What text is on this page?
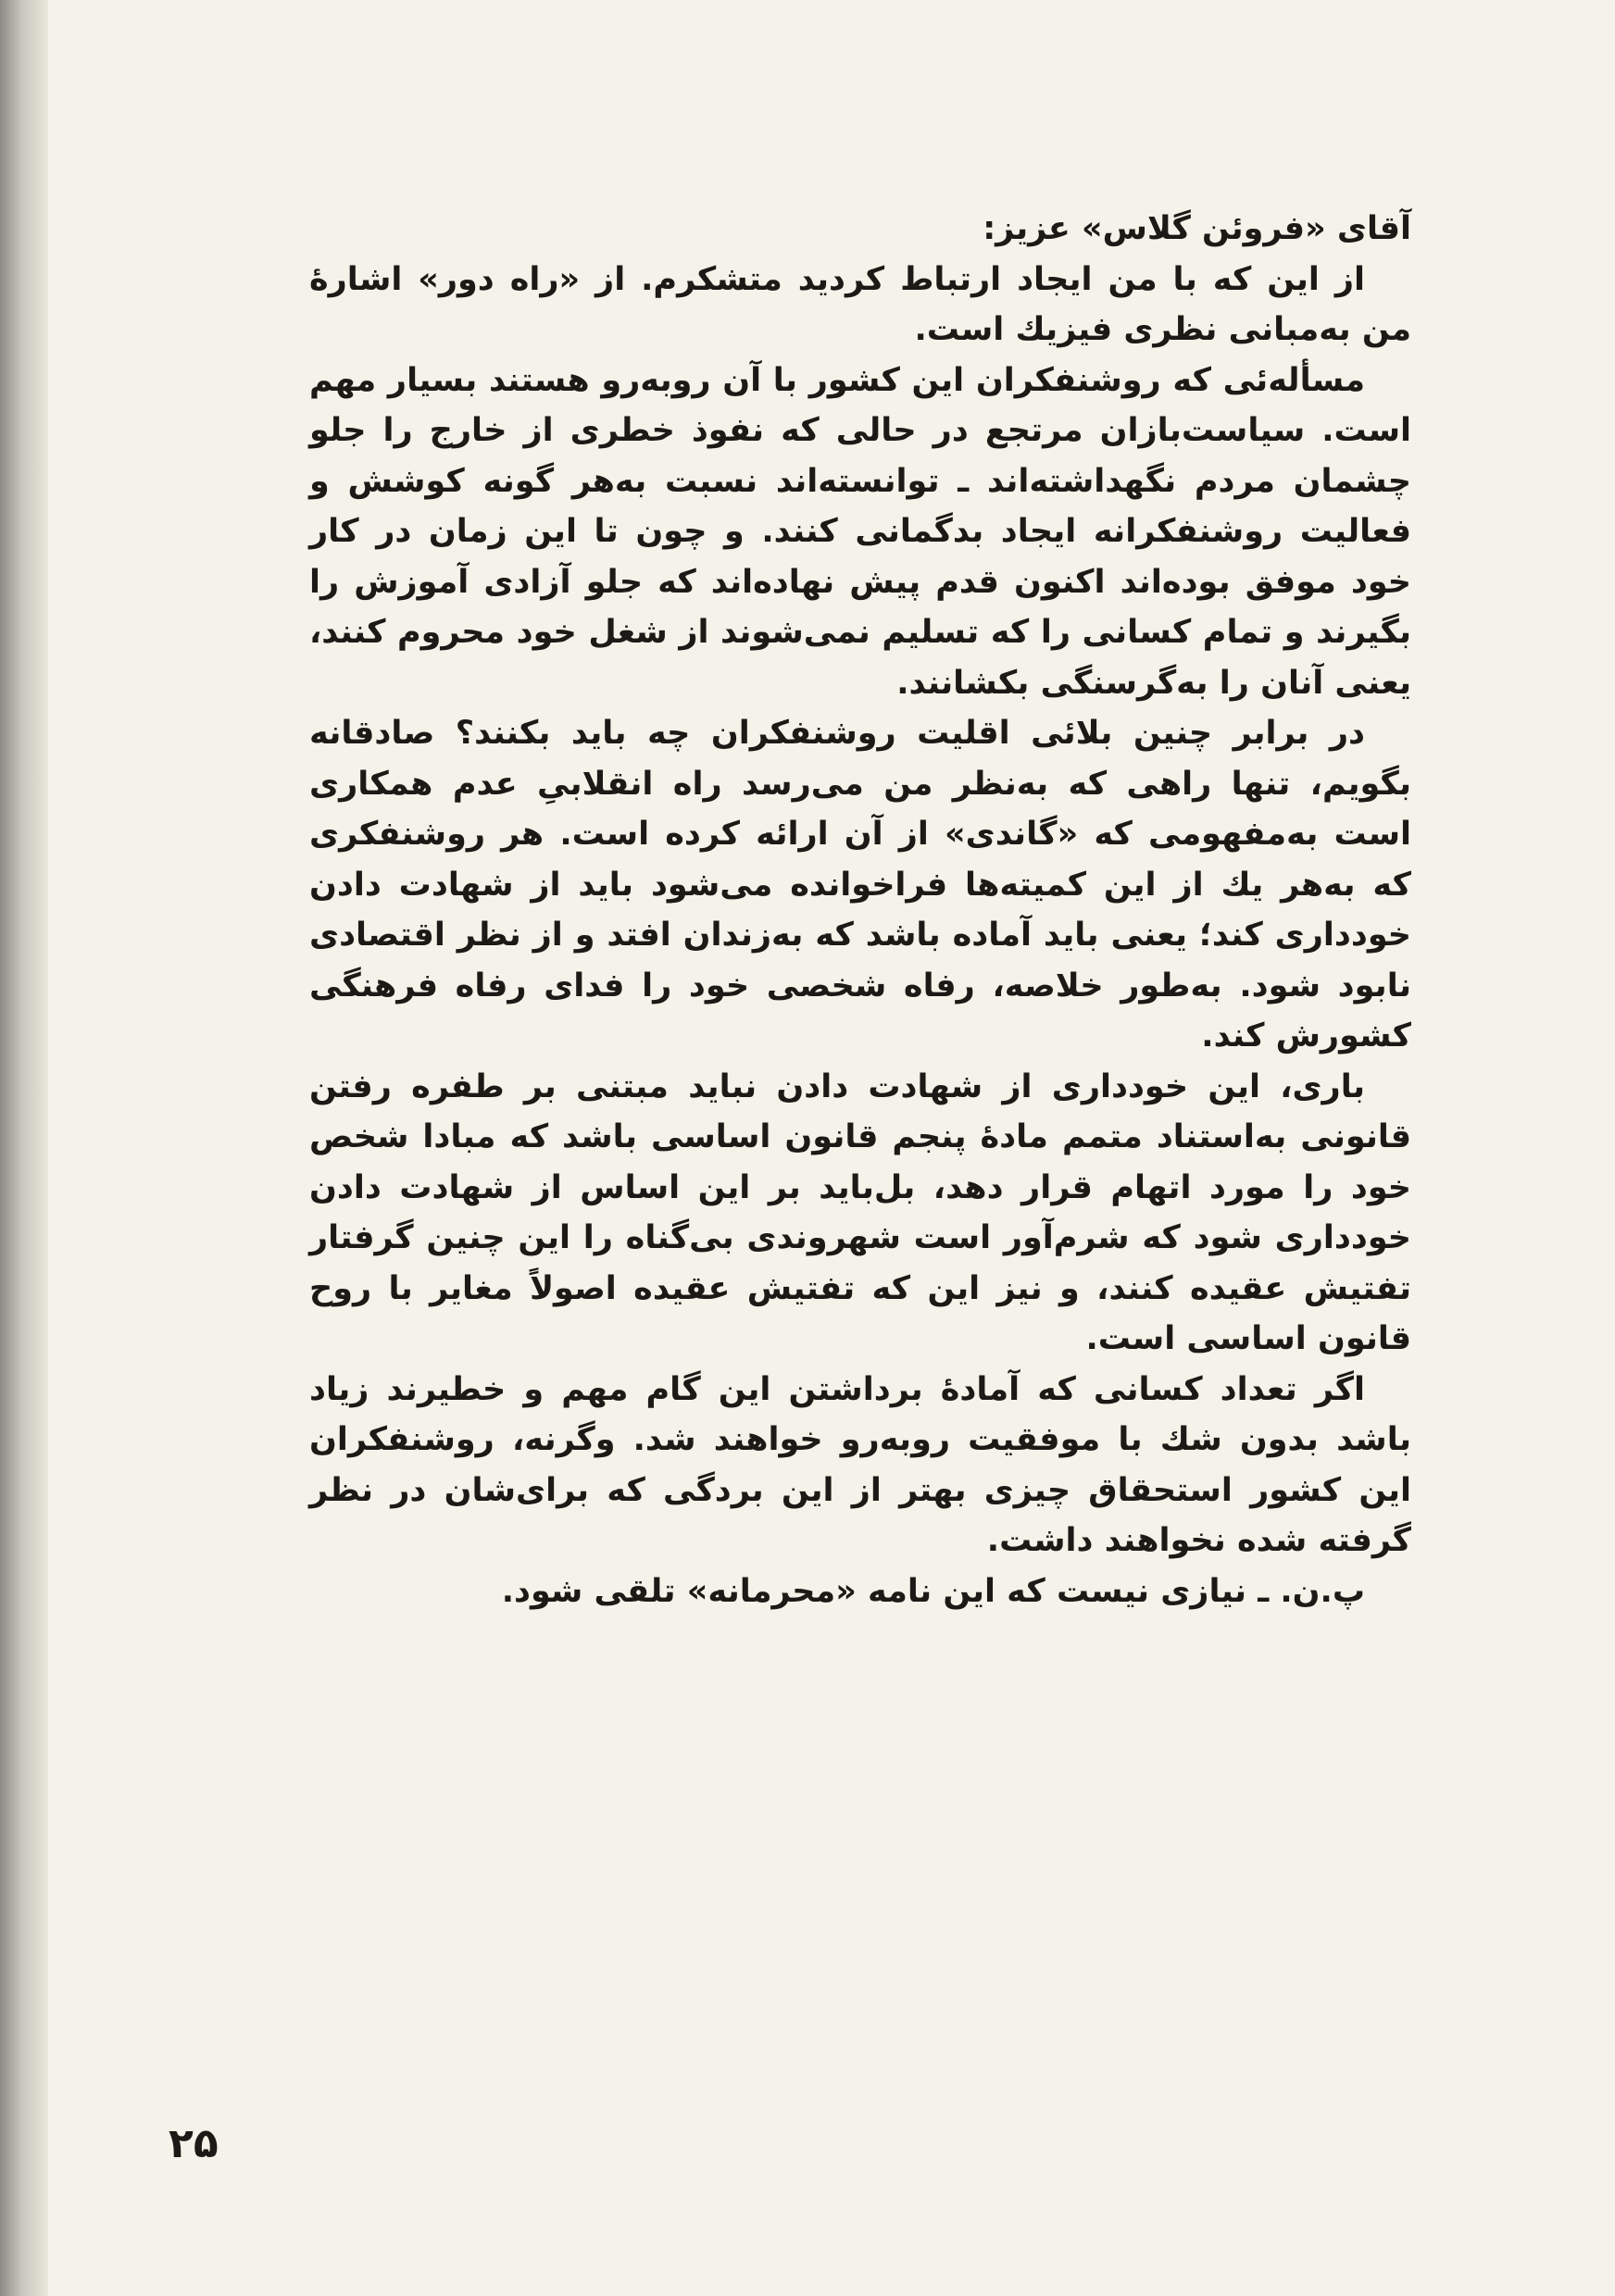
آقای «فروئن گلاس» عزیز:

از این که با من ایجاد ارتباط کردید متشکرم. از «راه دور» اشارهٔ من به‌مبانی نظری فیزیك است.

مسأله‌ئی که روشنفکران این کشور با آن روبه‌رو هستند بسیار مهم است. سیاست‌بازان مرتجع در حالی که نفوذ خطری از خارج را جلو چشمان مردم نگهداشته‌اند ـ توانسته‌اند نسبت به‌هر گونه کوشش و فعالیت روشنفکرانه ایجاد بدگمانی کنند. و چون تا این زمان در کار خود موفق بوده‌اند اکنون قدم پیش نهاده‌اند که جلو آزادی آموزش را بگیرند و تمام کسانی را که تسلیم نمی‌شوند از شغل خود محروم کنند، یعنی آنان را به‌گرسنگی بکشانند.

در برابر چنین بلائی اقلیت روشنفکران چه باید بکنند؟ صادقانه بگویم، تنها راهی که به‌نظر من می‌رسد راه انقلابیِ عدم همکاری است به‌مفهومی که «گاندی» از آن ارائه کرده است. هر روشنفکری که به‌هر یك از این کمیته‌ها فراخوانده می‌شود باید از شهادت دادن خودداری کند؛ یعنی باید آماده باشد که به‌زندان افتد و از نظر اقتصادی نابود شود. به‌طور خلاصه، رفاه شخصی خود را فدای رفاه فرهنگی کشورش کند.

باری، این خودداری از شهادت دادن نباید مبتنی بر طفره رفتن قانونی به‌استناد متمم مادهٔ پنجم قانون اساسی باشد که مبادا شخص خود را مورد اتهام قرار دهد، بل‌باید بر این اساس از شهادت دادن خودداری شود که شرم‌آور است شهروندی بی‌گناه را این چنین گرفتار تفتیش عقیده کنند، و نیز این که تفتیش عقیده اصولاً مغایر با روح قانون اساسی است.

اگر تعداد کسانی که آمادهٔ برداشتن این گام مهم و خطیرند زیاد باشد بدون شك با موفقیت روبه‌رو خواهند شد. وگرنه، روشنفکران این کشور استحقاق چیزی بهتر از این بردگی که برای‌شان در نظر گرفته شده نخواهند داشت.

پ.ن. ـ نیازی نیست که این نامه «محرمانه» تلقی شود.

۲۵
